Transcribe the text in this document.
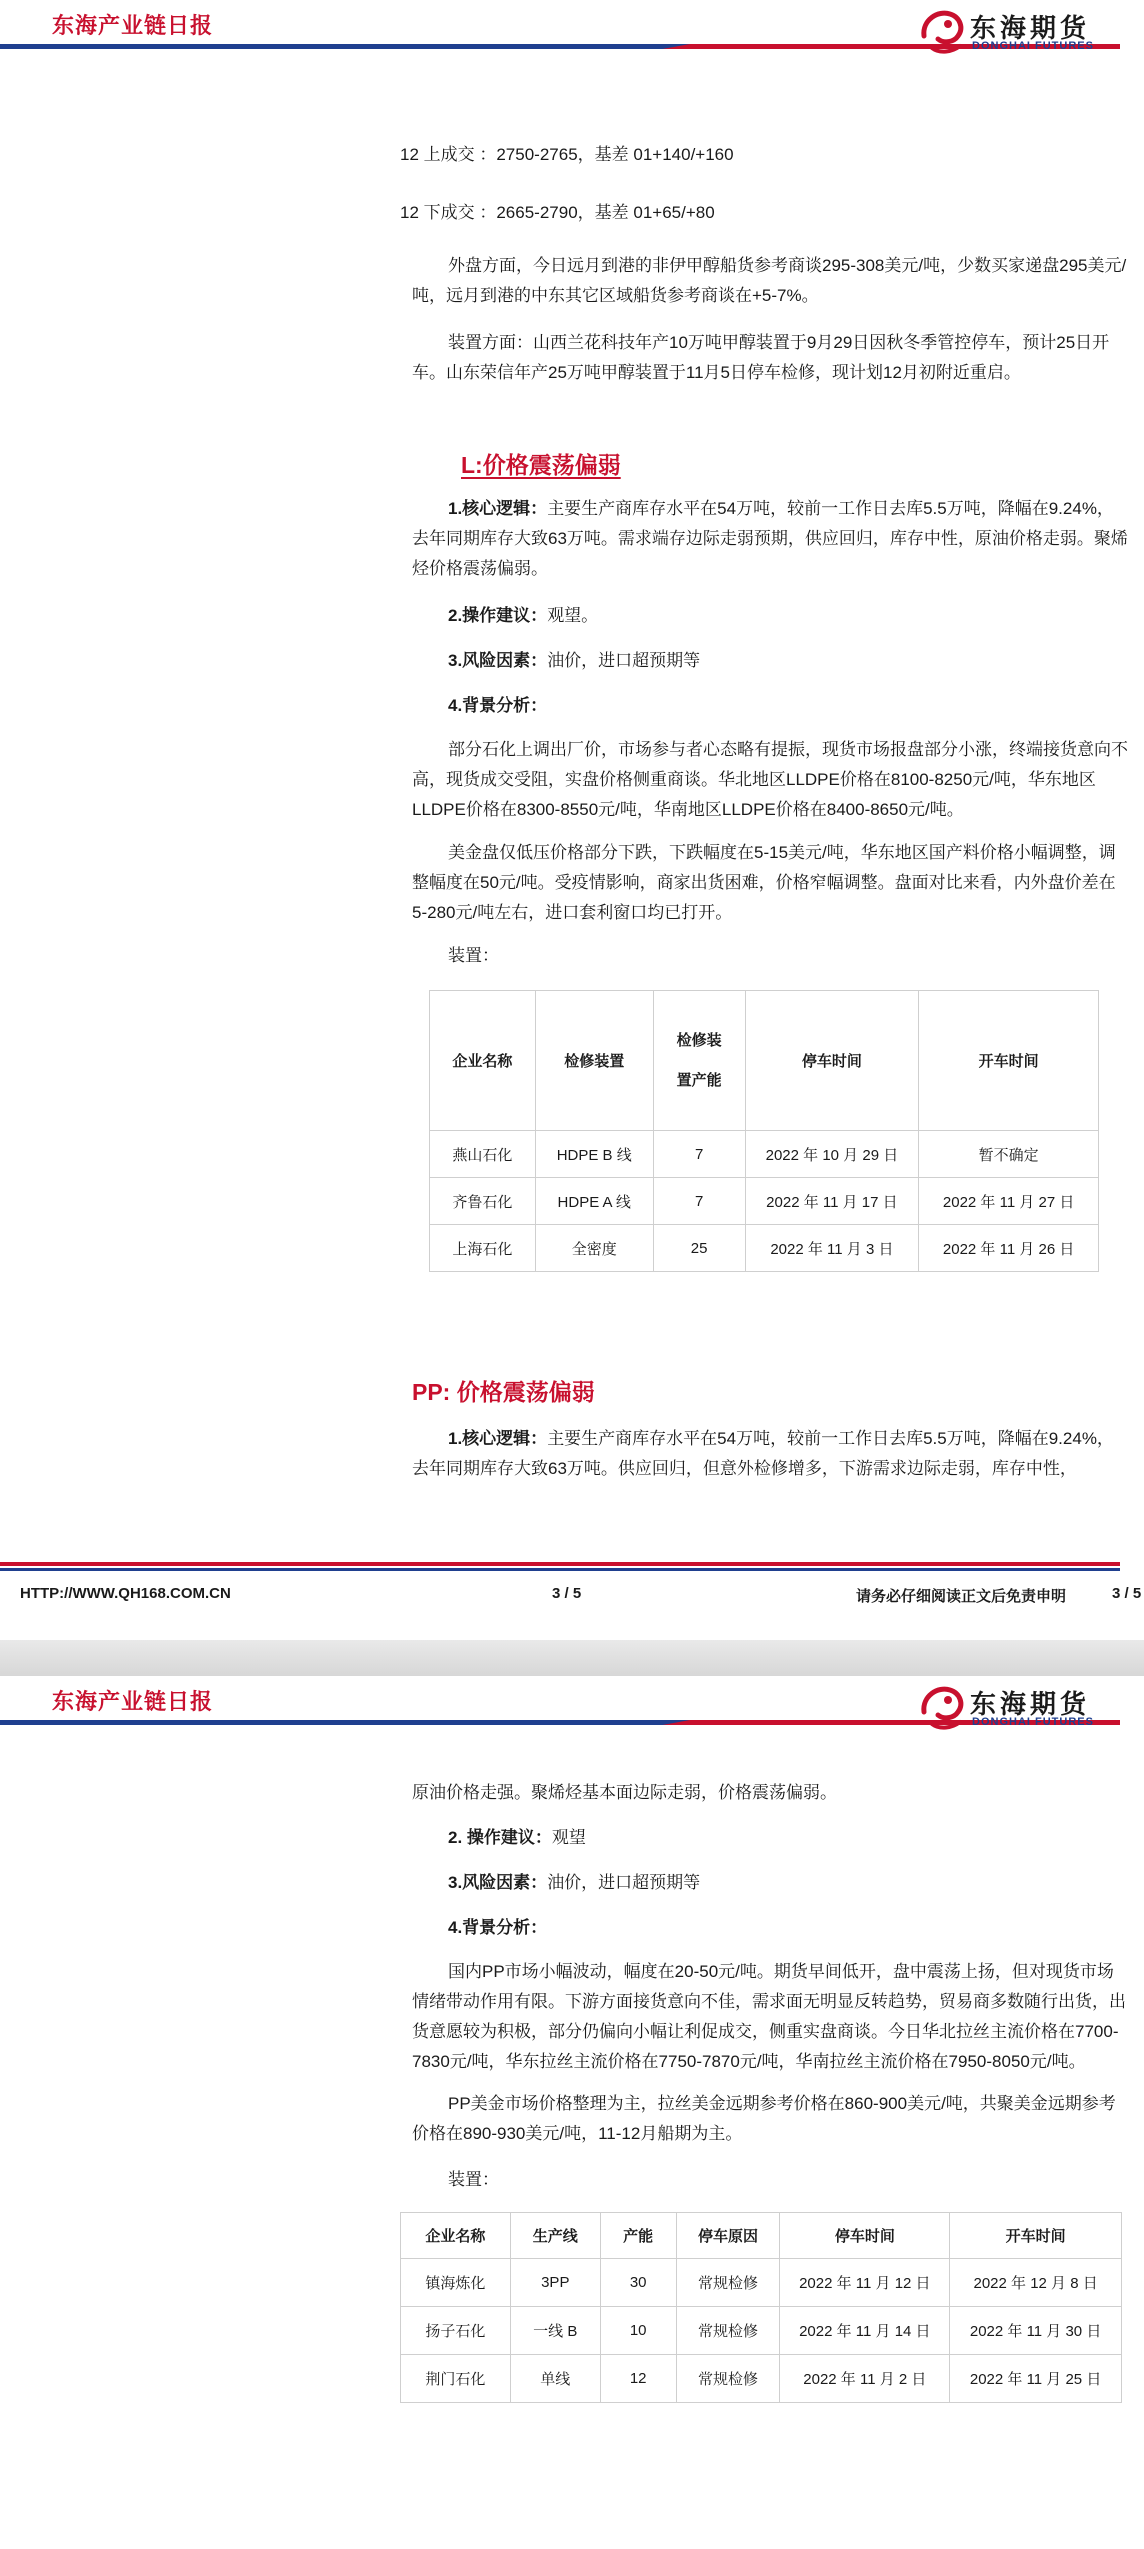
东海产业链日报	东海期货
DONGHAI FUTURES

12 上成交 ：2750-2765，基差 01+140/+160

12 下成交 ：2665-2790，基差 01+65/+80

外盘方面，今日远月到港的非伊甲醇船货参考商谈295-308美元/吨，少数买家递盘295美元/吨，远月到港的中东其它区域船货参考商谈在+5-7%。

装置方面：山西兰花科技年产10万吨甲醇装置于9月29日因秋冬季管控停车，预计25日开车。山东荣信年产25万吨甲醇装置于11月5日停车检修，现计划12月初附近重启。

L:价格震荡偏弱

1.核心逻辑：主要生产商库存水平在54万吨，较前一工作日去库5.5万吨，降幅在9.24%，去年同期库存大致63万吨。需求端存边际走弱预期，供应回归，库存中性，原油价格走弱。聚烯烃价格震荡偏弱。

2.操作建议：观望。

3.风险因素：油价，进口超预期等

4.背景分析：

部分石化上调出厂价，市场参与者心态略有提振，现货市场报盘部分小涨，终端接货意向不高，现货成交受阻，实盘价格侧重商谈。华北地区LLDPE价格在8100-8250元/吨，华东地区LLDPE价格在8300-8550元/吨，华南地区LLDPE价格在8400-8650元/吨。

美金盘仅低压价格部分下跌，下跌幅度在5-15美元/吨，华东地区国产料价格小幅调整，调整幅度在50元/吨。受疫情影响，商家出货困难，价格窄幅调整。盘面对比来看，内外盘价差在5-280元/吨左右，进口套利窗口均已打开。

装置：

企业名称	检修装置	检修装置产能	停车时间	开车时间
燕山石化	HDPE B 线	7	2022 年 10 月 29 日	暂不确定
齐鲁石化	HDPE A 线	7	2022 年 11 月 17 日	2022 年 11 月 27 日
上海石化	全密度	25	2022 年 11 月 3 日	2022 年 11 月 26 日
PP: 价格震荡偏弱

1.核心逻辑：主要生产商库存水平在54万吨，较前一工作日去库5.5万吨，降幅在9.24%，去年同期库存大致63万吨。供应回归，但意外检修增多，下游需求边际走弱，库存中性，

HTTP://WWW.QH168.COM.CN	3 / 5	请务必仔细阅读正文后免责申明	3 / 5
东海产业链日报	东海期货
DONGHAI FUTURES

原油价格走强。聚烯烃基本面边际走弱，价格震荡偏弱。

2. 操作建议：观望

3.风险因素：油价，进口超预期等

4.背景分析：

国内PP市场小幅波动，幅度在20-50元/吨。期货早间低开，盘中震荡上扬，但对现货市场情绪带动作用有限。下游方面接货意向不佳，需求面无明显反转趋势，贸易商多数随行出货，出货意愿较为积极，部分仍偏向小幅让利促成交，侧重实盘商谈。今日华北拉丝主流价格在7700-7830元/吨，华东拉丝主流价格在7750-7870元/吨，华南拉丝主流价格在7950-8050元/吨。

PP美金市场价格整理为主，拉丝美金远期参考价格在860-900美元/吨，共聚美金远期参考价格在890-930美元/吨，11-12月船期为主。

装置：

企业名称	生产线	产能	停车原因	停车时间	开车时间
镇海炼化	3PP	30	常规检修	2022 年 11 月 12 日	2022 年 12 月 8 日
扬子石化	一线 B	10	常规检修	2022 年 11 月 14 日	2022 年 11 月 30 日
荆门石化	单线	12	常规检修	2022 年 11 月 2 日	2022 年 11 月 25 日
